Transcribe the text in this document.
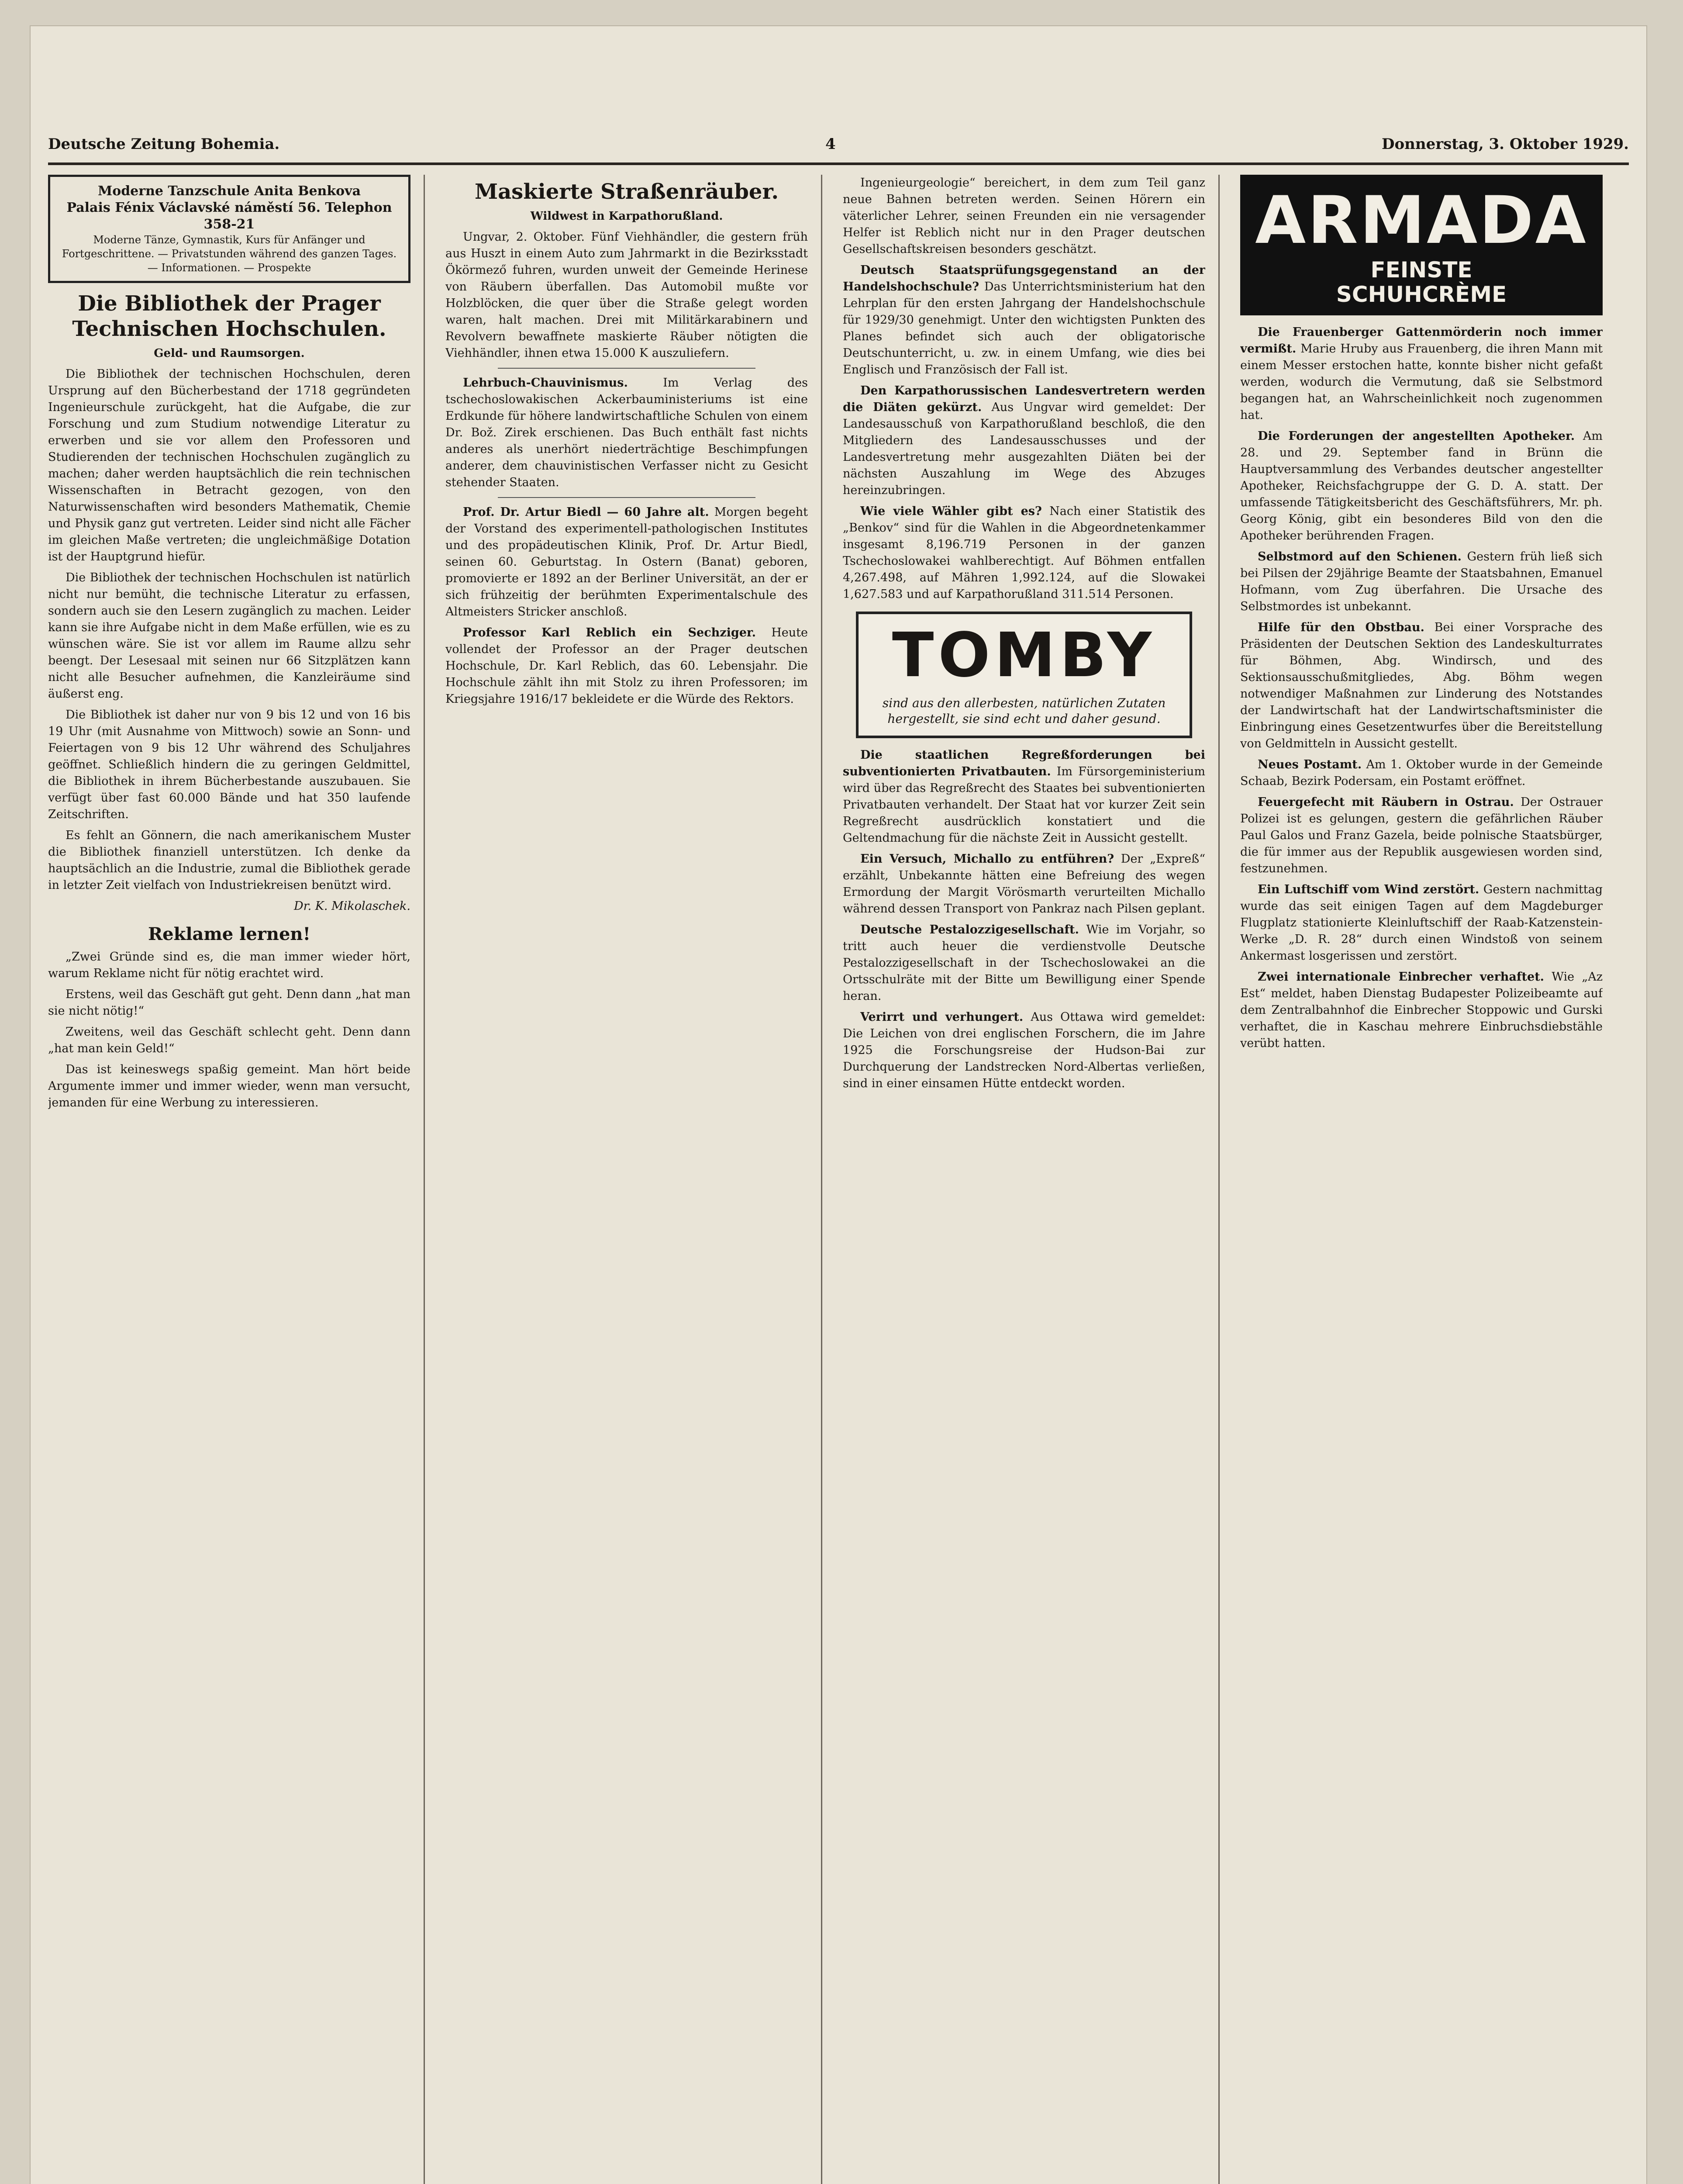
Deutsche Zeitung Bohemia.	4	Donnerstag, 3. Oktober 1929.
Moderne Tanzschule Anita Benkova
Palais Fénix Václavské náměstí 56. Telephon 358-21
Moderne Tänze, Gymnastik, Kurs für Anfänger und Fortgeschrittene. — Privatstunden während des ganzen Tages. — Informationen. — Prospekte
Die Bibliothek der Prager Technischen Hochschulen.
Geld- und Raumsorgen.

Die Bibliothek der technischen Hochschulen, deren Ursprung auf den Bücherbestand der 1718 gegründeten Ingenieurschule zurückgeht, hat die Aufgabe, die zur Forschung und zum Studium notwendige Literatur zu erwerben und sie vor allem den Professoren und Studierenden der technischen Hochschulen zugänglich zu machen; daher werden hauptsächlich die rein technischen Wissenschaften in Betracht gezogen, von den Naturwissenschaften wird besonders Mathematik, Chemie und Physik ganz gut vertreten. Leider sind nicht alle Fächer im gleichen Maße vertreten; die ungleichmäßige Dotation ist der Hauptgrund hiefür.

Die Bibliothek der technischen Hochschulen ist natürlich nicht nur bemüht, die technische Literatur zu erfassen, sondern auch sie den Lesern zugänglich zu machen. Leider kann sie ihre Aufgabe nicht in dem Maße erfüllen, wie es zu wünschen wäre. Sie ist vor allem im Raume allzu sehr beengt. Der Lesesaal mit seinen nur 66 Sitzplätzen kann nicht alle Besucher aufnehmen, die Kanzleiräume sind äußerst eng.

Die Bibliothek ist daher nur von 9 bis 12 und von 16 bis 19 Uhr (mit Ausnahme von Mittwoch) sowie an Sonn- und Feiertagen von 9 bis 12 Uhr während des Schuljahres geöffnet. Schließlich hindern die zu geringen Geldmittel, die Bibliothek in ihrem Bücherbestande auszubauen. Sie verfügt über fast 60.000 Bände und hat 350 laufende Zeitschriften.

Es fehlt an Gönnern, die nach amerikanischem Muster die Bibliothek finanziell unterstützen. Ich denke da hauptsächlich an die Industrie, zumal die Bibliothek gerade in letzter Zeit vielfach von Industriekreisen benützt wird.

Dr. K. Mikolaschek.
Reklame lernen!

„Zwei Gründe sind es, die man immer wieder hört, warum Reklame nicht für nötig erachtet wird.

Erstens, weil das Geschäft gut geht. Denn dann „hat man sie nicht nötig!“

Zweitens, weil das Geschäft schlecht geht. Denn dann „hat man kein Geld!“

Das ist keineswegs spaßig gemeint. Man hört beide Argumente immer und immer wieder, wenn man versucht, jemanden für eine Werbung zu interessieren.

Maskierte Straßenräuber.
Wildwest in Karpathorußland.

Ungvar, 2. Oktober. Fünf Viehhändler, die gestern früh aus Huszt in einem Auto zum Jahrmarkt in die Bezirksstadt Ökörmező fuhren, wurden unweit der Gemeinde Herinese von Räubern überfallen. Das Automobil mußte vor Holzblöcken, die quer über die Straße gelegt worden waren, halt machen. Drei mit Militärkarabinern und Revolvern bewaffnete maskierte Räuber nötigten die Viehhändler, ihnen etwa 15.000 K auszuliefern.

Lehrbuch-Chauvinismus.	Im Verlag des tschechoslowakischen Ackerbauministeriums ist eine Erdkunde für höhere landwirtschaftliche Schulen von einem Dr. Bož. Zirek erschienen. Das Buch enthält fast nichts anderes als unerhört niederträchtige Beschimpfungen anderer, dem chauvinistischen Verfasser nicht zu Gesicht stehender Staaten.

Prof. Dr. Artur Biedl — 60 Jahre alt. Morgen begeht der Vorstand des experimentell-pathologischen Institutes und des propädeutischen Klinik, Prof. Dr. Artur Biedl, seinen 60. Geburtstag. In Ostern (Banat) geboren, promovierte er 1892 an der Berliner Universität, an der er sich frühzeitig der berühmten Experimentalschule des Altmeisters Stricker anschloß.

Professor Karl Reblich ein Sechziger. Heute vollendet der Professor an der Prager deutschen Hochschule, Dr. Karl Reblich, das 60. Lebensjahr. Die Hochschule zählt ihn mit Stolz zu ihren Professoren; im Kriegsjahre 1916/17 bekleidete er die Würde des Rektors.

Ingenieurgeologie“ bereichert, in dem zum Teil ganz neue Bahnen betreten werden. Seinen Hörern ein väterlicher Lehrer, seinen Freunden ein nie versagender Helfer ist Reblich nicht nur in den Prager deutschen Gesellschaftskreisen besonders geschätzt.

Deutsch Staatsprüfungsgegenstand an der Handelshochschule? Das Unterrichtsministerium hat den Lehrplan für den ersten Jahrgang der Handelshochschule für 1929/30 genehmigt. Unter den wichtigsten Punkten des Planes befindet sich auch der obligatorische Deutschunterricht, u. zw. in einem Umfang, wie dies bei Englisch und Französisch der Fall ist.

Den Karpathorussischen Landesvertretern werden die Diäten gekürzt. Aus Ungvar wird gemeldet: Der Landesausschuß von Karpathorußland beschloß, die den Mitgliedern des Landesausschusses und der Landesvertretung mehr ausgezahlten Diäten bei der nächsten Auszahlung im Wege des Abzuges hereinzubringen.

Wie viele Wähler gibt es? Nach einer Statistik des „Benkov“ sind für die Wahlen in die Abgeordnetenkammer insgesamt 8,196.719 Personen in der ganzen Tschechoslowakei wahlberechtigt. Auf Böhmen entfallen 4,267.498, auf Mähren 1,992.124, auf die Slowakei 1,627.583 und auf Karpathorußland 311.514 Personen.

TOMBY
sind aus den allerbesten, natürlichen Zutaten hergestellt, sie sind echt und daher gesund.

Die staatlichen Regreßforderungen bei subventionierten Privatbauten. Im Fürsorgeministerium wird über das Regreßrecht des Staates bei subventionierten Privatbauten verhandelt. Der Staat hat vor kurzer Zeit sein Regreßrecht ausdrücklich konstatiert und die Geltendmachung für die nächste Zeit in Aussicht gestellt.

Ein Versuch, Michallo zu entführen? Der „Expreß“ erzählt, Unbekannte hätten eine Befreiung des wegen Ermordung der Margit Vörösmarth verurteilten Michallo während dessen Transport von Pankraz nach Pilsen geplant.

Deutsche Pestalozzigesellschaft. Wie im Vorjahr, so tritt auch heuer die verdienstvolle Deutsche Pestalozzigesellschaft in der Tschechoslowakei an die Ortsschulräte mit der Bitte um Bewilligung einer Spende heran.

Verirrt und verhungert. Aus Ottawa wird gemeldet: Die Leichen von drei englischen Forschern, die im Jahre 1925 die Forschungsreise der Hudson-Bai zur Durchquerung der Landstrecken Nord-Albertas verließen, sind in einer einsamen Hütte entdeckt worden.

ARMADA
FEINSTE
SCHUHCRÈME

Die Frauenberger Gattenmörderin noch immer vermißt. Marie Hruby aus Frauenberg, die ihren Mann mit einem Messer erstochen hatte, konnte bisher nicht gefaßt werden, wodurch die Vermutung, daß sie Selbstmord begangen hat, an Wahrscheinlichkeit noch zugenommen hat.

Die Forderungen der angestellten Apotheker. Am 28. und 29. September fand in Brünn die Hauptversammlung des Verbandes deutscher angestellter Apotheker, Reichsfachgruppe der G. D. A. statt. Der umfassende Tätigkeitsbericht des Geschäftsführers, Mr. ph. Georg König, gibt ein besonderes Bild von den die Apotheker berührenden Fragen.

Selbstmord auf den Schienen. Gestern früh ließ sich bei Pilsen der 29jährige Beamte der Staatsbahnen, Emanuel Hofmann, vom Zug überfahren. Die Ursache des Selbstmordes ist unbekannt.

Hilfe für den Obstbau. Bei einer Vorsprache des Präsidenten der Deutschen Sektion des Landeskulturrates für Böhmen, Abg. Windirsch, und des Sektionsausschußmitgliedes, Abg. Böhm wegen notwendiger Maßnahmen zur Linderung des Notstandes der Landwirtschaft hat der Landwirtschaftsminister die Einbringung eines Gesetzentwurfes über die Bereitstellung von Geldmitteln in Aussicht gestellt.

Neues Postamt. Am 1. Oktober wurde in der Gemeinde Schaab, Bezirk Podersam, ein Postamt eröffnet.

Feuergefecht mit Räubern in Ostrau. Der Ostrauer Polizei ist es gelungen, gestern die gefährlichen Räuber Paul Galos und Franz Gazela, beide polnische Staatsbürger, die für immer aus der Republik ausgewiesen worden sind, festzunehmen.

Ein Luftschiff vom Wind zerstört. Gestern nachmittag wurde das seit einigen Tagen auf dem Magdeburger Flugplatz stationierte Kleinluftschiff der Raab-Katzenstein-Werke „D. R. 28“ durch einen Windstoß von seinem Ankermast losgerissen und zerstört.

Zwei internationale Einbrecher verhaftet. Wie „Az Est“ meldet, haben Dienstag Budapester Polizeibeamte auf dem Zentralbahnhof die Einbrecher Stoppowic und Gurski verhaftet, die in Kaschau mehrere Einbruchsdiebstähle verübt hatten.
